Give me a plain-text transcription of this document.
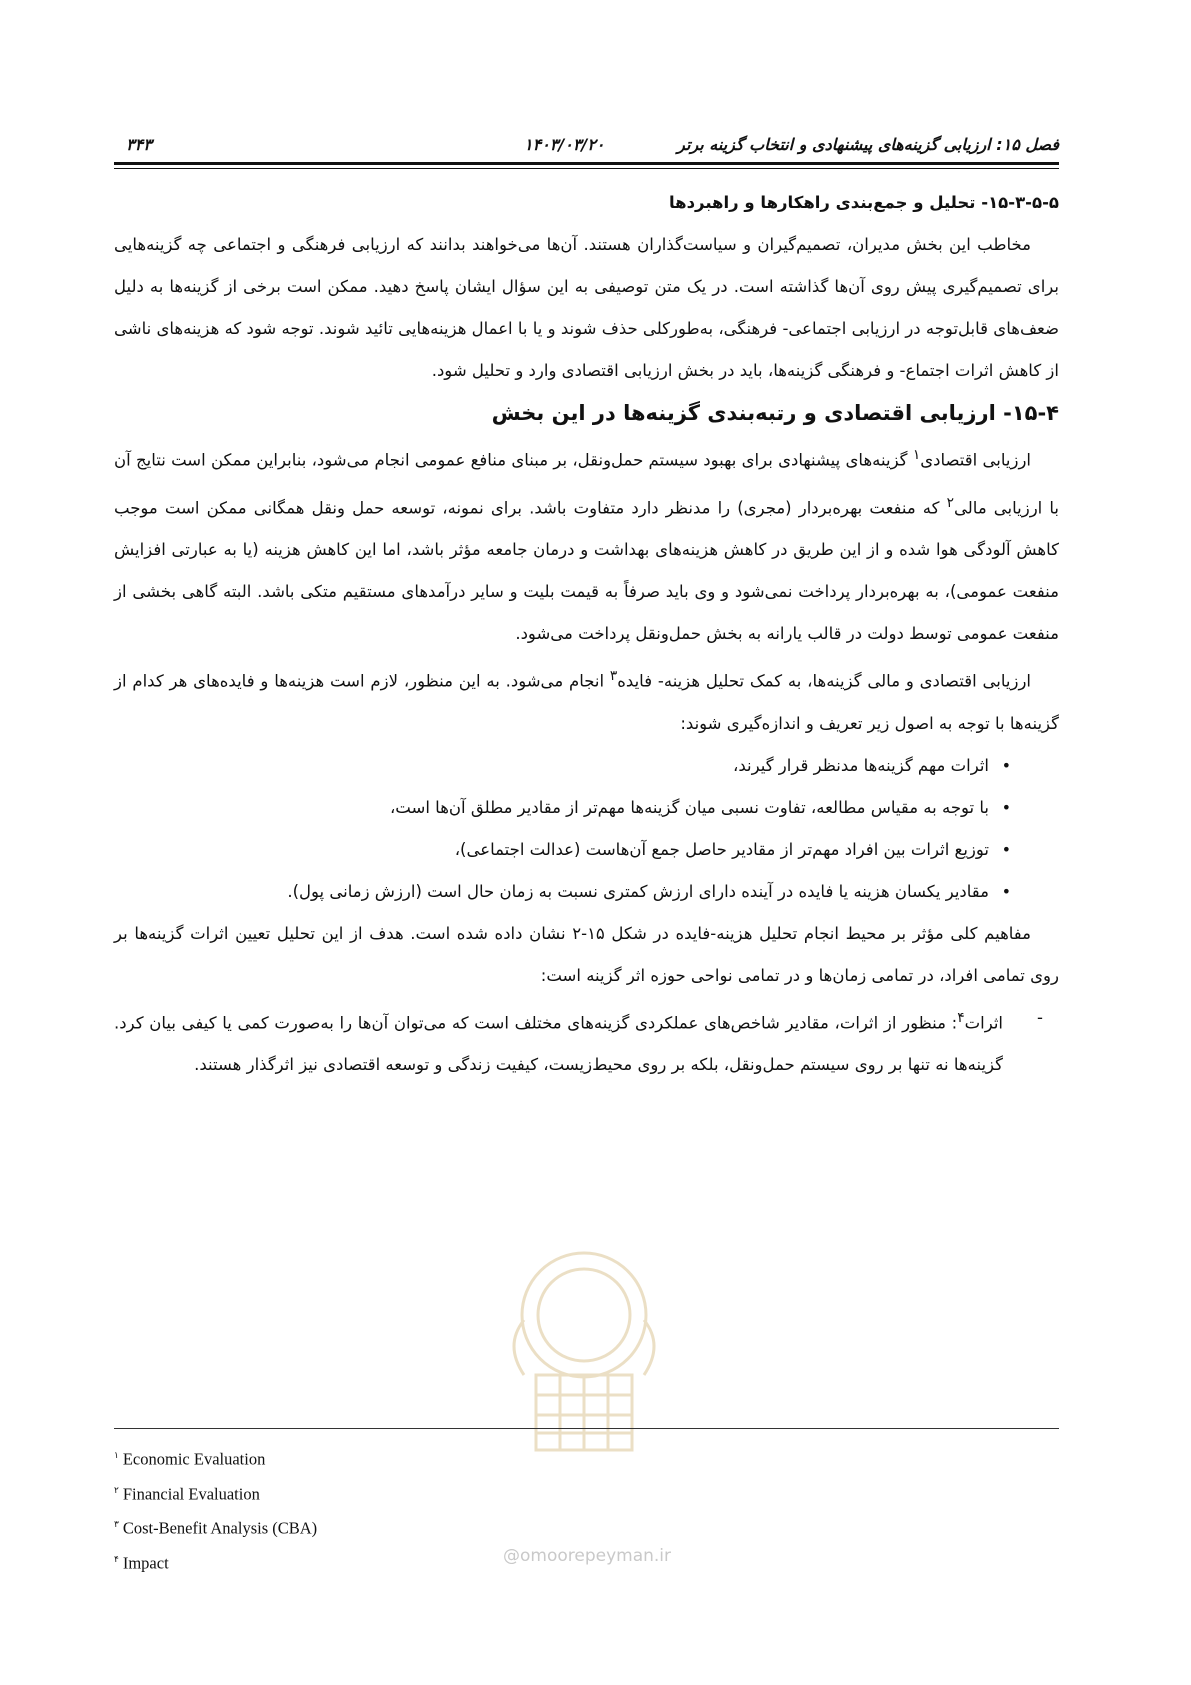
فصل ۱۵: ارزیابی گزینه‌های پیشنهادی و انتخاب گزینه برتر
۱۴۰۳/۰۳/۲۰
۳۴۳

۱۵-۳-۵-۵- تحلیل و جمع‌بندی راهکارها و راهبردها

مخاطب این بخش مدیران، تصمیم‌گیران و سیاست‌گذاران هستند. آن‌ها می‌خواهند بدانند که ارزیابی فرهنگی و اجتماعی چه گزینه‌هایی برای تصمیم‌گیری پیش روی آن‌ها گذاشته است. در یک متن توصیفی به این سؤال ایشان پاسخ دهید. ممکن است برخی از گزینه‌ها به دلیل ضعف‌های قابل‌توجه در ارزیابی اجتماعی- فرهنگی، به‌طورکلی حذف شوند و یا با اعمال هزینه‌هایی تائید شوند. توجه شود که هزینه‌های ناشی از کاهش اثرات اجتماع- و فرهنگی گزینه‌ها، باید در بخش ارزیابی اقتصادی وارد و تحلیل شود.

۱۵-۴- ارزیابی اقتصادی و رتبه‌بندی گزینه‌ها در این بخش

ارزیابی اقتصادی$^۱$ گزینه‌های پیشنهادی برای بهبود سیستم حمل‌ونقل، بر مبنای منافع عمومی انجام می‌شود، بنابراین ممکن است نتایج آن با ارزیابی مالی$^۲$ که منفعت بهره‌بردار (مجری) را مدنظر دارد متفاوت باشد. برای نمونه، توسعه حمل ونقل همگانی ممکن است موجب کاهش آلودگی هوا شده و از این طریق در کاهش هزینه‌های بهداشت و درمان جامعه مؤثر باشد، اما این کاهش هزینه (یا به عبارتی افزایش منفعت عمومی)، به بهره‌بردار پرداخت نمی‌شود و وی باید صرفاً به قیمت بلیت و سایر درآمدهای مستقیم متکی باشد. البته گاهی بخشی از منفعت عمومی توسط دولت در قالب یارانه به بخش حمل‌ونقل پرداخت می‌شود.

ارزیابی اقتصادی و مالی گزینه‌ها، به کمک تحلیل هزینه- فایده$^۳$ انجام می‌شود. به این منظور، لازم است هزینه‌ها و فایده‌های هر کدام از گزینه‌ها با توجه به اصول زیر تعریف و اندازه‌گیری شوند:

•
اثرات مهم گزینه‌ها مدنظر قرار گیرند،
•
با توجه به مقیاس مطالعه، تفاوت نسبی میان گزینه‌ها مهم‌تر از مقادیر مطلق آن‌ها است،
•
توزیع اثرات بین افراد مهم‌تر از مقادیر حاصل جمع آن‌هاست (عدالت اجتماعی)،
•
مقادیر یکسان هزینه یا فایده در آینده دارای ارزش کمتری نسبت به زمان حال است (ارزش زمانی پول).

مفاهیم کلی مؤثر بر محیط انجام تحلیل هزینه-فایده در شکل ۱۵-۲ نشان داده شده است. هدف از این تحلیل تعیین اثرات گزینه‌ها بر روی تمامی افراد، در تمامی زمان‌ها و در تمامی نواحی حوزه اثر گزینه است:

-
اثرات$^۴$: منظور از اثرات، مقادیر شاخص‌های عملکردی گزینه‌های مختلف است که می‌توان آن‌ها را به‌صورت کمی یا کیفی بیان کرد. گزینه‌ها نه تنها بر روی سیستم حمل‌ونقل، بلکه بر روی محیط‌زیست، کیفیت زندگی و توسعه اقتصادی نیز اثرگذار هستند.
@omoorepeyman.ir
$^۱$ Economic Evaluation
$^۲$ Financial Evaluation
$^۳$ Cost-Benefit Analysis (CBA)
$^۴$ Impact
